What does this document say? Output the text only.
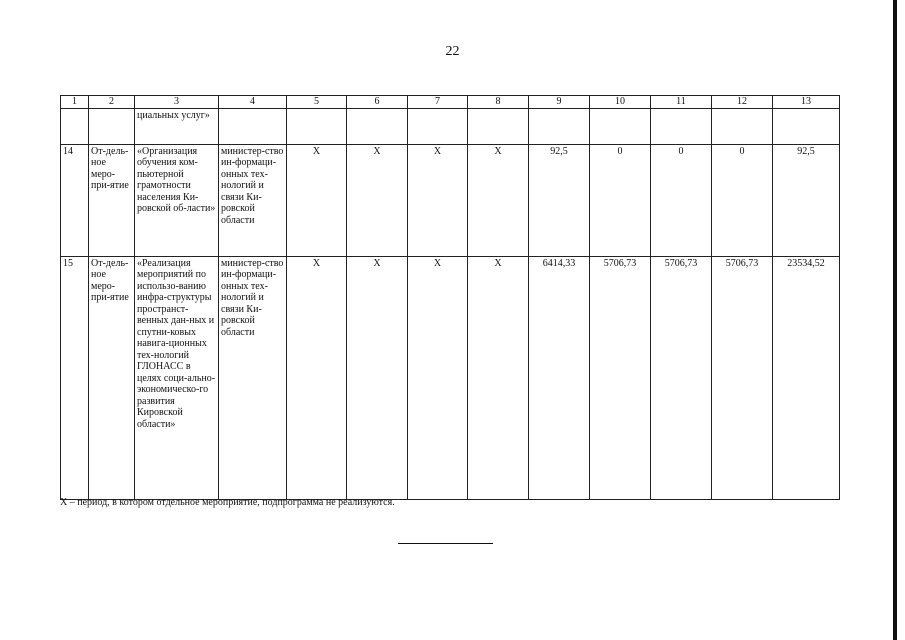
22
1	2	3	4	5	6	7	8	9	10	11	12	13
		циальных услуг»										
14	От-дель-ное меро-при-ятие	«Организация обучения ком-пьютерной грамотности населения Ки-ровской об-ласти»	министер-ство ин-формаци-онных тех-нологий и связи Ки-ровской области	X	X	X	X	92,5	0	0	0	92,5
15	От-дель-ное меро-при-ятие	«Реализация мероприятий по использо-ванию инфра-структуры пространст-венных дан-ных и спутни-ковых навига-ционных тех-нологий ГЛОНАСС в целях соци-ально-экономическо-го развития Кировской области»	министер-ство ин-формаци-онных тех-нологий и связи Ки-ровской области	X	X	X	X	6414,33	5706,73	5706,73	5706,73	23534,52
X – период, в котором отдельное мероприятие, подпрограмма не реализуются.
